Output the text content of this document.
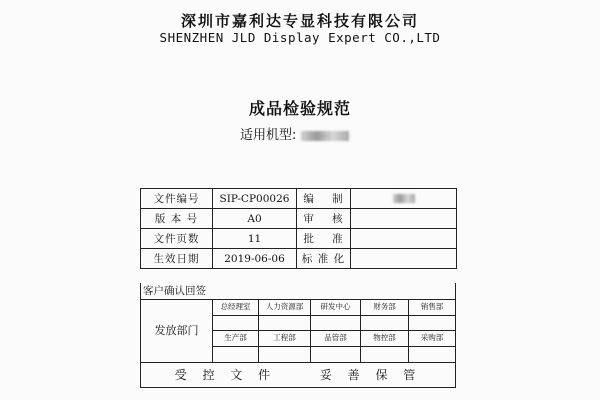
深圳市嘉利达专显科技有限公司
SHENZHEN JLD Display Expert CO.,LTD
成品检验规范
适用机型:
文件编号	SIP-CP00026	编    制	
版 本 号	A0	审    核	
文件页数	11	批    准	
生效日期	2019-06-06	标 准 化	
客户确认回签
发放部门
总经理室	人力资源部	研发中心	财务部	销售部
生产部	工程部	品管部	物控部	采购部
受 控 文 件	妥 善 保 管
